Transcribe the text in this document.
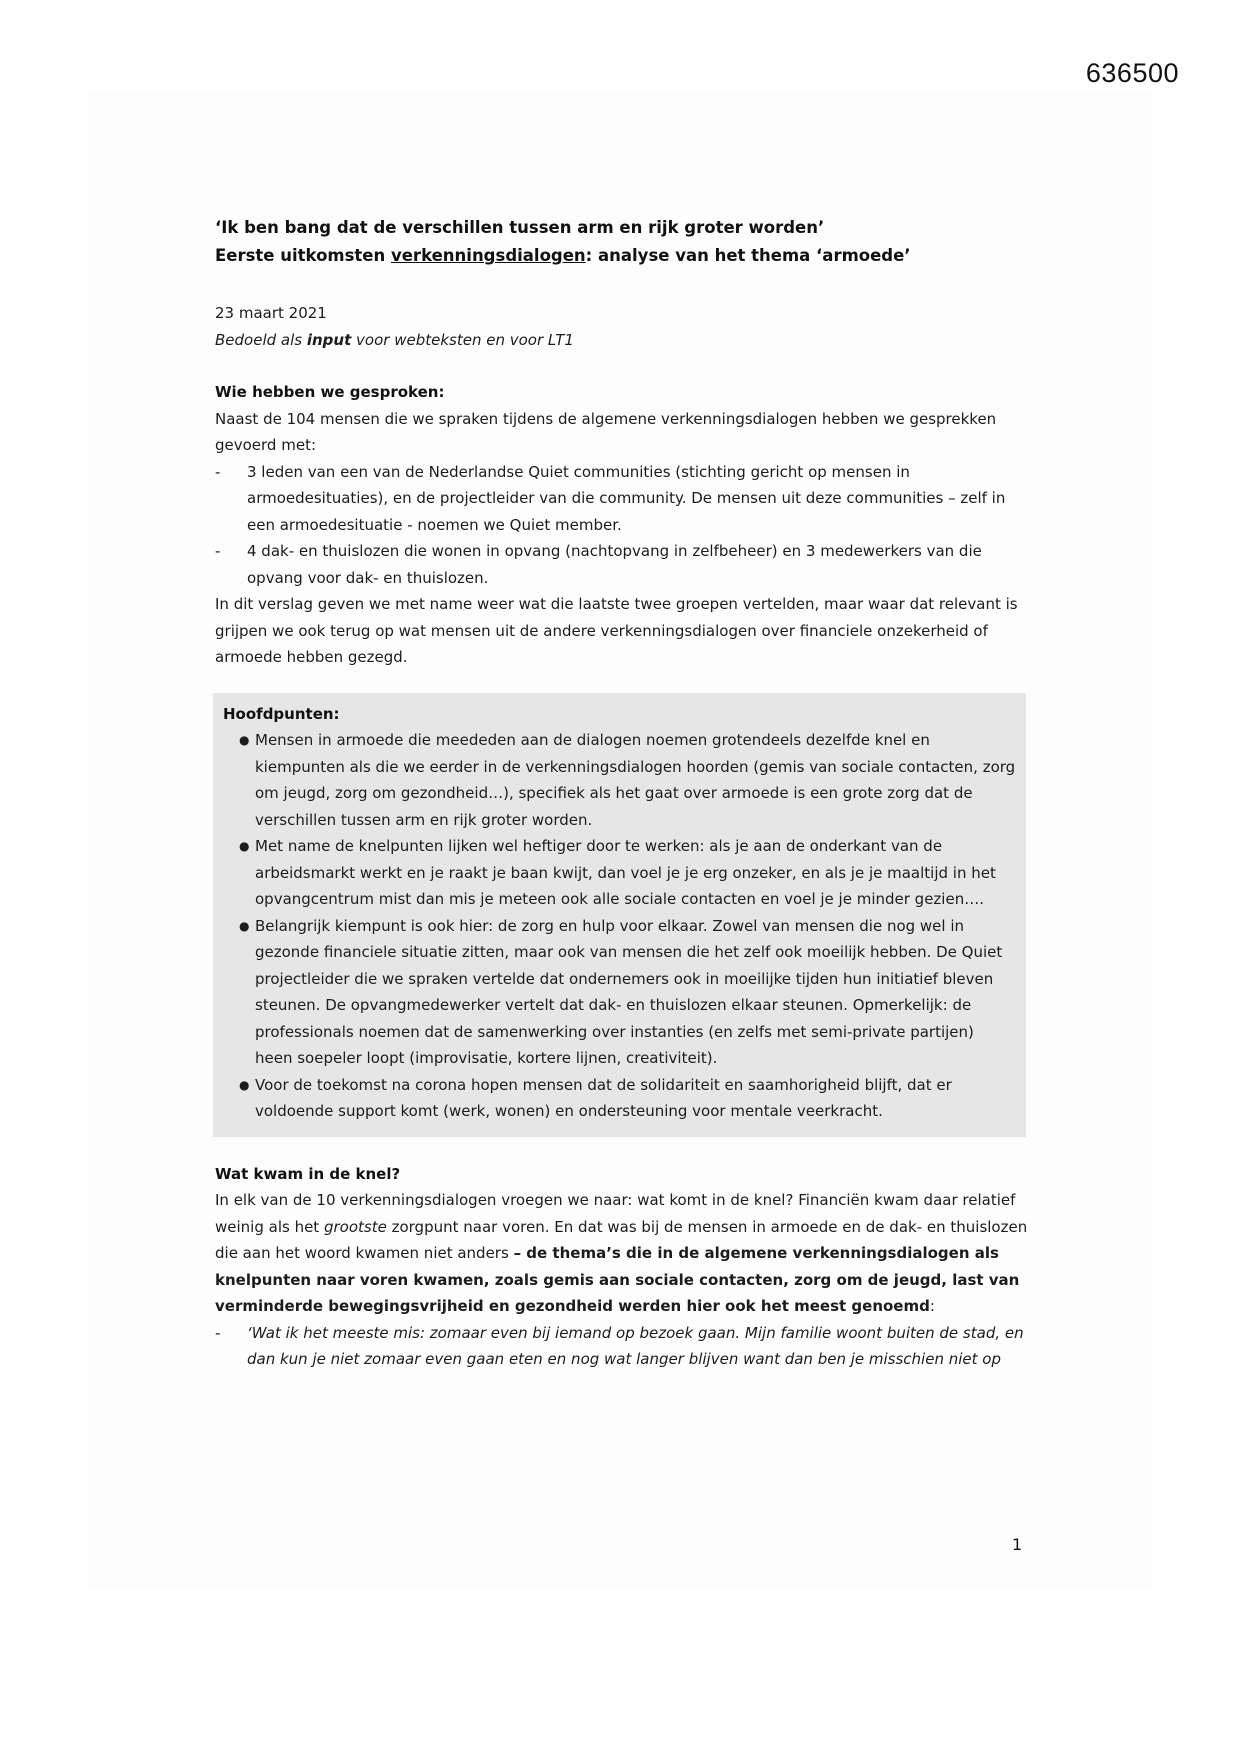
636500
‘Ik ben bang dat de verschillen tussen arm en rijk groter worden’
Eerste uitkomsten verkenningsdialogen: analyse van het thema ‘armoede’
23 maart 2021
Bedoeld als input voor webteksten en voor LT1
Wie hebben we gesproken:
Naast de 104 mensen die we spraken tijdens de algemene verkenningsdialogen hebben we gesprekken gevoerd met:
-	3 leden van een van de Nederlandse Quiet communities (stichting gericht op mensen in armoedesituaties), en de projectleider van die community. De mensen uit deze communities – zelf in een armoedesituatie - noemen we Quiet member.
-	4 dak- en thuislozen die wonen in opvang (nachtopvang in zelfbeheer) en 3 medewerkers van die opvang voor dak- en thuislozen.
In dit verslag geven we met name weer wat die laatste twee groepen vertelden, maar waar dat relevant is grijpen we ook terug op wat mensen uit de andere verkenningsdialogen over financiele onzekerheid of armoede hebben gezegd.
Hoofdpunten:
● Mensen in armoede die meededen aan de dialogen noemen grotendeels dezelfde knel en kiempunten als die we eerder in de verkenningsdialogen hoorden (gemis van sociale contacten, zorg om jeugd, zorg om gezondheid…), specifiek als het gaat over armoede is een grote zorg dat de verschillen tussen arm en rijk groter worden.
● Met name de knelpunten lijken wel heftiger door te werken: als je aan de onderkant van de arbeidsmarkt werkt en je raakt je baan kwijt, dan voel je je erg onzeker, en als je je maaltijd in het opvangcentrum mist dan mis je meteen ook alle sociale contacten en voel je je minder gezien….
● Belangrijk kiempunt is ook hier: de zorg en hulp voor elkaar. Zowel van mensen die nog wel in gezonde financiele situatie zitten, maar ook van mensen die het zelf ook moeilijk hebben. De Quiet projectleider die we spraken vertelde dat ondernemers ook in moeilijke tijden hun initiatief bleven steunen. De opvangmedewerker vertelt dat dak- en thuislozen elkaar steunen. Opmerkelijk: de professionals noemen dat de samenwerking over instanties (en zelfs met semi-private partijen) heen soepeler loopt (improvisatie, kortere lijnen, creativiteit).
● Voor de toekomst na corona hopen mensen dat de solidariteit en saamhorigheid blijft, dat er voldoende support komt (werk, wonen) en ondersteuning voor mentale veerkracht.
Wat kwam in de knel?
In elk van de 10 verkenningsdialogen vroegen we naar: wat komt in de knel? Financiën kwam daar relatief weinig als het grootste zorgpunt naar voren. En dat was bij de mensen in armoede en de dak- en thuislozen die aan het woord kwamen niet anders – de thema’s die in de algemene verkenningsdialogen als knelpunten naar voren kwamen, zoals gemis aan sociale contacten, zorg om de jeugd, last van verminderde bewegingsvrijheid en gezondheid werden hier ook het meest genoemd:
-	‘Wat ik het meeste mis: zomaar even bij iemand op bezoek gaan. Mijn familie woont buiten de stad, en dan kun je niet zomaar even gaan eten en nog wat langer blijven want dan ben je misschien niet op
1
